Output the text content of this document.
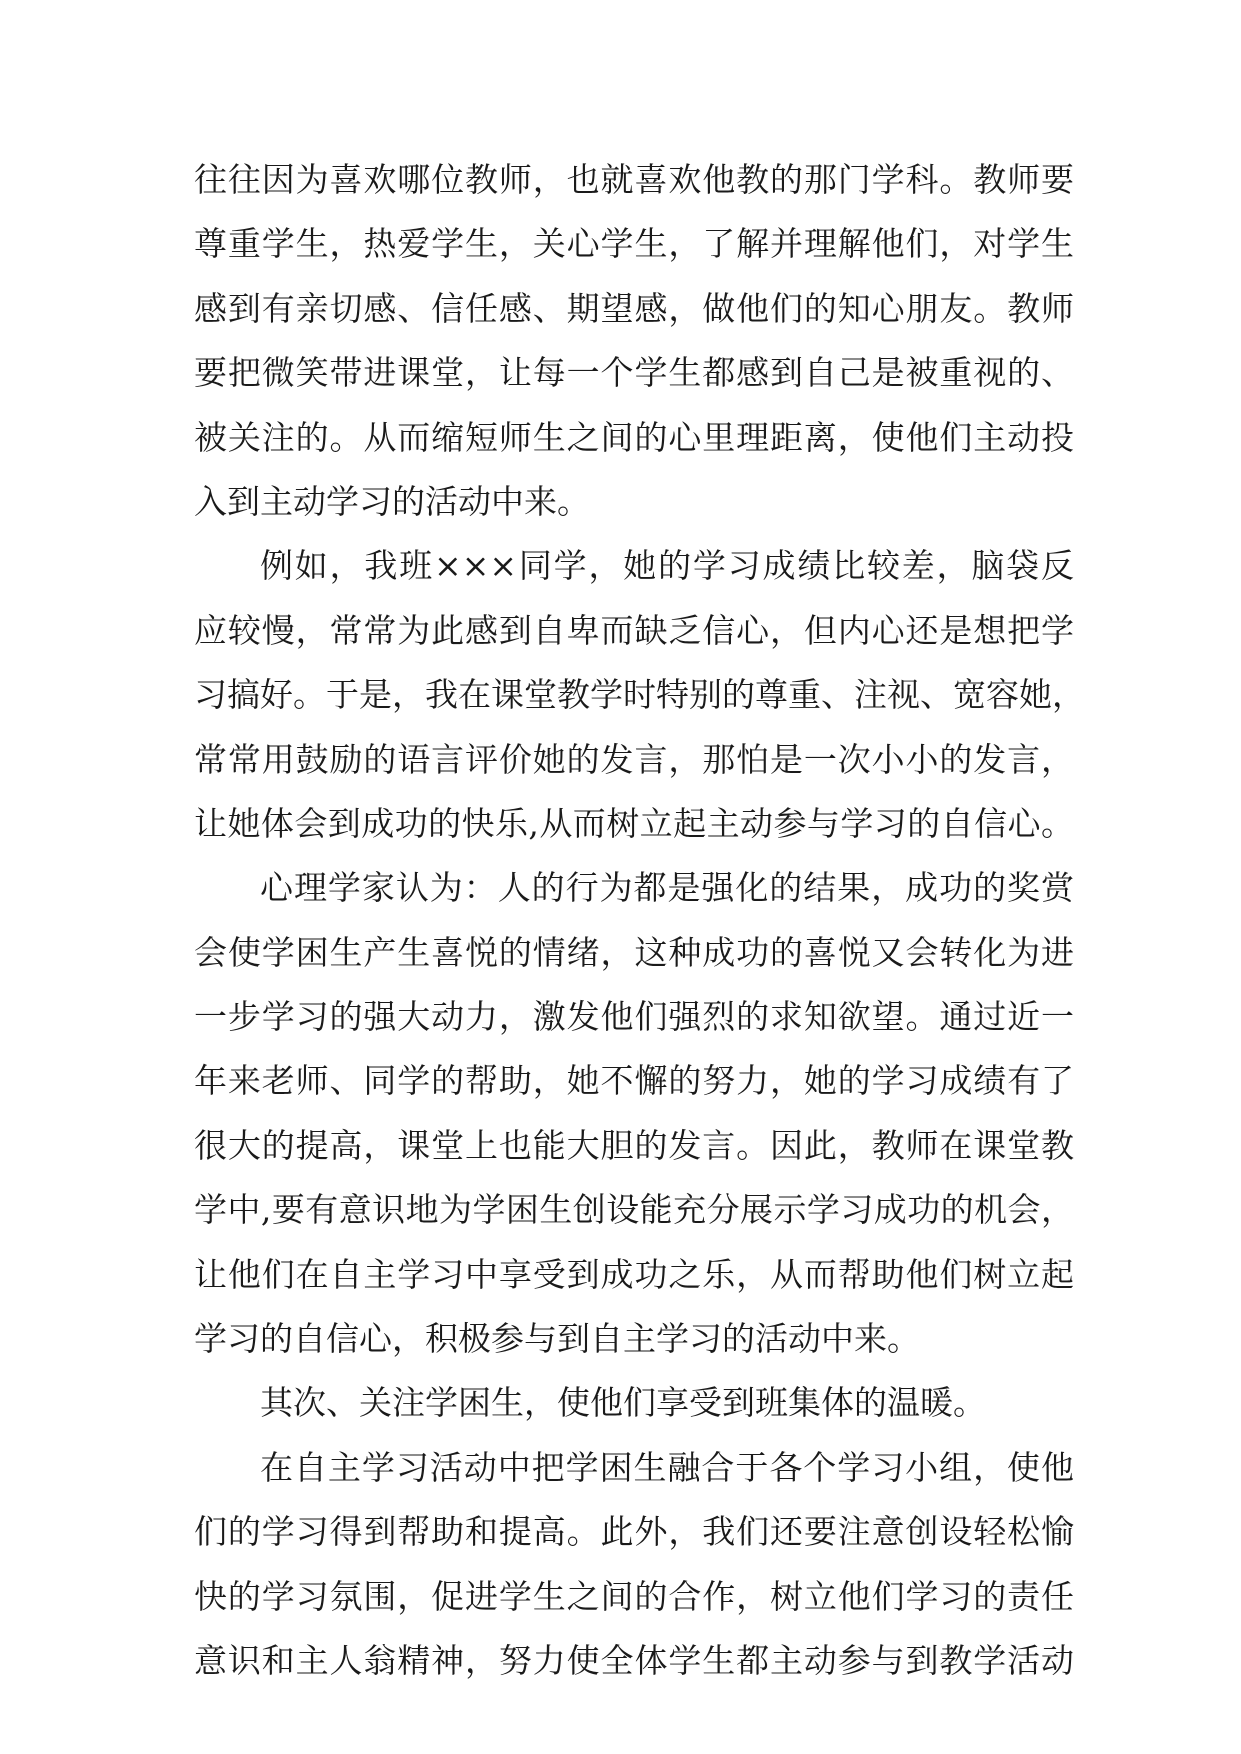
往往因为喜欢哪位教师，也就喜欢他教的那门学科。教师要
尊重学生，热爱学生，关心学生，了解并理解他们，对学生
感到有亲切感、信任感、期望感，做他们的知心朋友。教师
要把微笑带进课堂，让每一个学生都感到自己是被重视的、
被关注的。从而缩短师生之间的心里理距离，使他们主动投
入到主动学习的活动中来。
例如，我班×××同学，她的学习成绩比较差，脑袋反
应较慢，常常为此感到自卑而缺乏信心，但内心还是想把学
习搞好。于是，我在课堂教学时特别的尊重、注视、宽容她，
常常用鼓励的语言评价她的发言，那怕是一次小小的发言，
让她体会到成功的快乐,从而树立起主动参与学习的自信心。
心理学家认为：人的行为都是强化的结果，成功的奖赏
会使学困生产生喜悦的情绪，这种成功的喜悦又会转化为进
一步学习的强大动力，激发他们强烈的求知欲望。通过近一
年来老师、同学的帮助，她不懈的努力，她的学习成绩有了
很大的提高，课堂上也能大胆的发言。因此，教师在课堂教
学中,要有意识地为学困生创设能充分展示学习成功的机会，
让他们在自主学习中享受到成功之乐，从而帮助他们树立起
学习的自信心，积极参与到自主学习的活动中来。
其次、关注学困生，使他们享受到班集体的温暖。
在自主学习活动中把学困生融合于各个学习小组，使他
们的学习得到帮助和提高。此外，我们还要注意创设轻松愉
快的学习氛围，促进学生之间的合作，树立他们学习的责任
意识和主人翁精神，努力使全体学生都主动参与到教学活动
